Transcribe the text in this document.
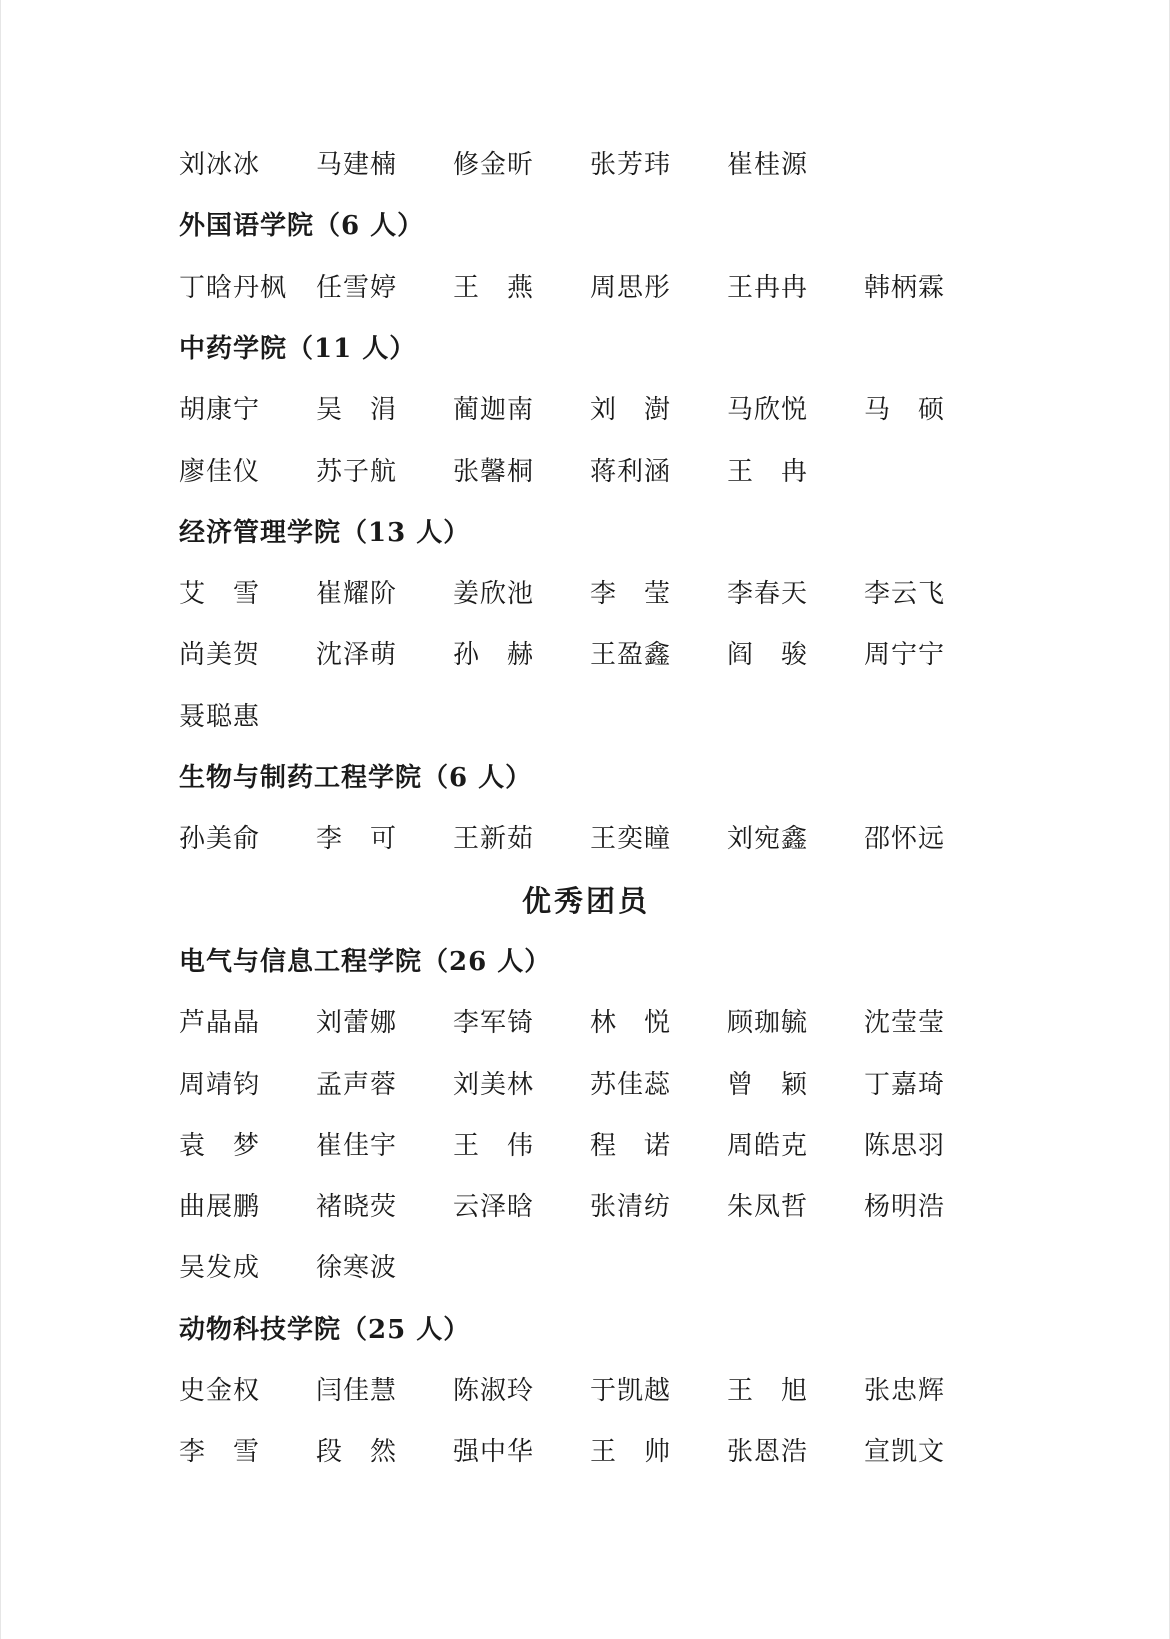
刘冰冰 马建楠 修金昕 张芳玮 崔桂源
外国语学院（6 人）
丁晗丹枫 任雪婷 王　燕 周思彤 王冉冉 韩柄霖
中药学院（11 人）
胡康宁 吴　涓 蔺迦南 刘　澍 马欣悦 马　硕
廖佳仪 苏子航 张馨桐 蒋利涵 王　冉
经济管理学院（13 人）
艾　雪 崔耀阶 姜欣池 李　莹 李春天 李云飞
尚美贺 沈泽萌 孙　赫 王盈鑫 阎　骏 周宁宁
聂聪惠
生物与制药工程学院（6 人）
孙美俞 李　可 王新茹 王奕瞳 刘宛鑫 邵怀远
优秀团员
电气与信息工程学院（26 人）
芦晶晶 刘蕾娜 李军锜 林　悦 顾珈毓 沈莹莹
周靖钧 孟声蓉 刘美林 苏佳蕊 曾　颖 丁嘉琦
袁　梦 崔佳宇 王　伟 程　诺 周皓克 陈思羽
曲展鹏 褚晓荧 云泽晗 张清纺 朱凤哲 杨明浩
吴发成 徐寒波
动物科技学院（25 人）
史金权 闫佳慧 陈淑玲 于凯越 王　旭 张忠辉
李　雪 段　然 强中华 王　帅 张恩浩 宣凯文
